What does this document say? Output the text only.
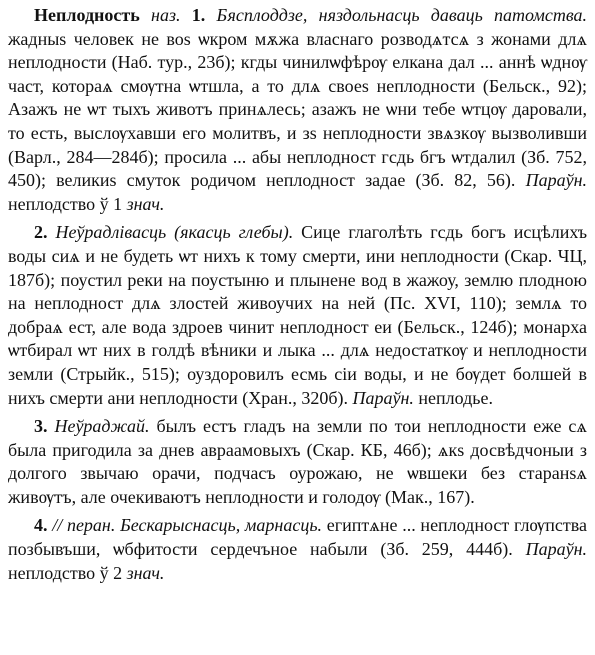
Неплодность наз. 1. Бясплоддзе, няздольнасць даваць патомства. жадныs человек не воs ѡкром мѫжа власнаго розводѧтсѧ з жонами длѧ неплодности (Наб. тур., 23б); кгды чинилѡфѣрѹ елкана дал ... аннѣ ѡднѹ част, котораѧ смѹтна ѡтшла, а то длѧ своеs неплодности (Бельск., 92); Азажъ не ѡт тыхъ животъ принѧлесь; азажъ не ѡни тебе ѡтцѹ даровали, то есть, выслѹхавши его молитвъ, и зs неплодности звѧзкѹ вызволивши (Варл., 284—284б); просила ... абы неплодност гсдь бгъ ѡтдалил (Зб. 752, 450); великиs смуток родичом неплодност задае (Зб. 82, 56). Параўн. неплодство ў 1 знач.

2. Неўрадлівасць (якасць глебы). Сице глаголѣть гсдь богъ исцѣлихъ воды сиѧ и не будеть ѡт нихъ к тому смерти, ини неплодности (Скар. ЧЦ, 187б); поустил реки на поустыню и плынене вод в жажоу, землю плодною на неплодност длѧ злостей живоучих на ней (Пс. XVI, 110); землѧ то добраѧ ест, але вода здроев чинит неплодност еи (Бельск., 124б); монарха ѡтбирал ѡт них в голдѣ вѣники и лыка ... длѧ недостаткѹ и неплодности земли (Стрыйк., 515); оуздоровилъ есмь сiи воды, и не бѹдет болшей в нихъ смерти ани неплодности (Хран., 320б). Параўн. неплодье.

3. Неўраджай. былъ естъ гладъ на земли по тои неплодности еже сѧ была пригодила за днев авраамовыхъ (Скар. КБ, 46б); ѧкs досвѣдчоныи з долгого звычаю орачи, подчасъ оурожаю, не ѡвшеки без старанsѧ живѹтъ, але очекиваютъ неплодности и голодѹ (Мак., 167).

4. // перан. Бескарыснасць, марнасць. египтѧне ... неплодност глѹпства позбывъши, ѡбфитости сердечъное набыли (Зб. 259, 444б). Параўн. неплодство ў 2 знач.
